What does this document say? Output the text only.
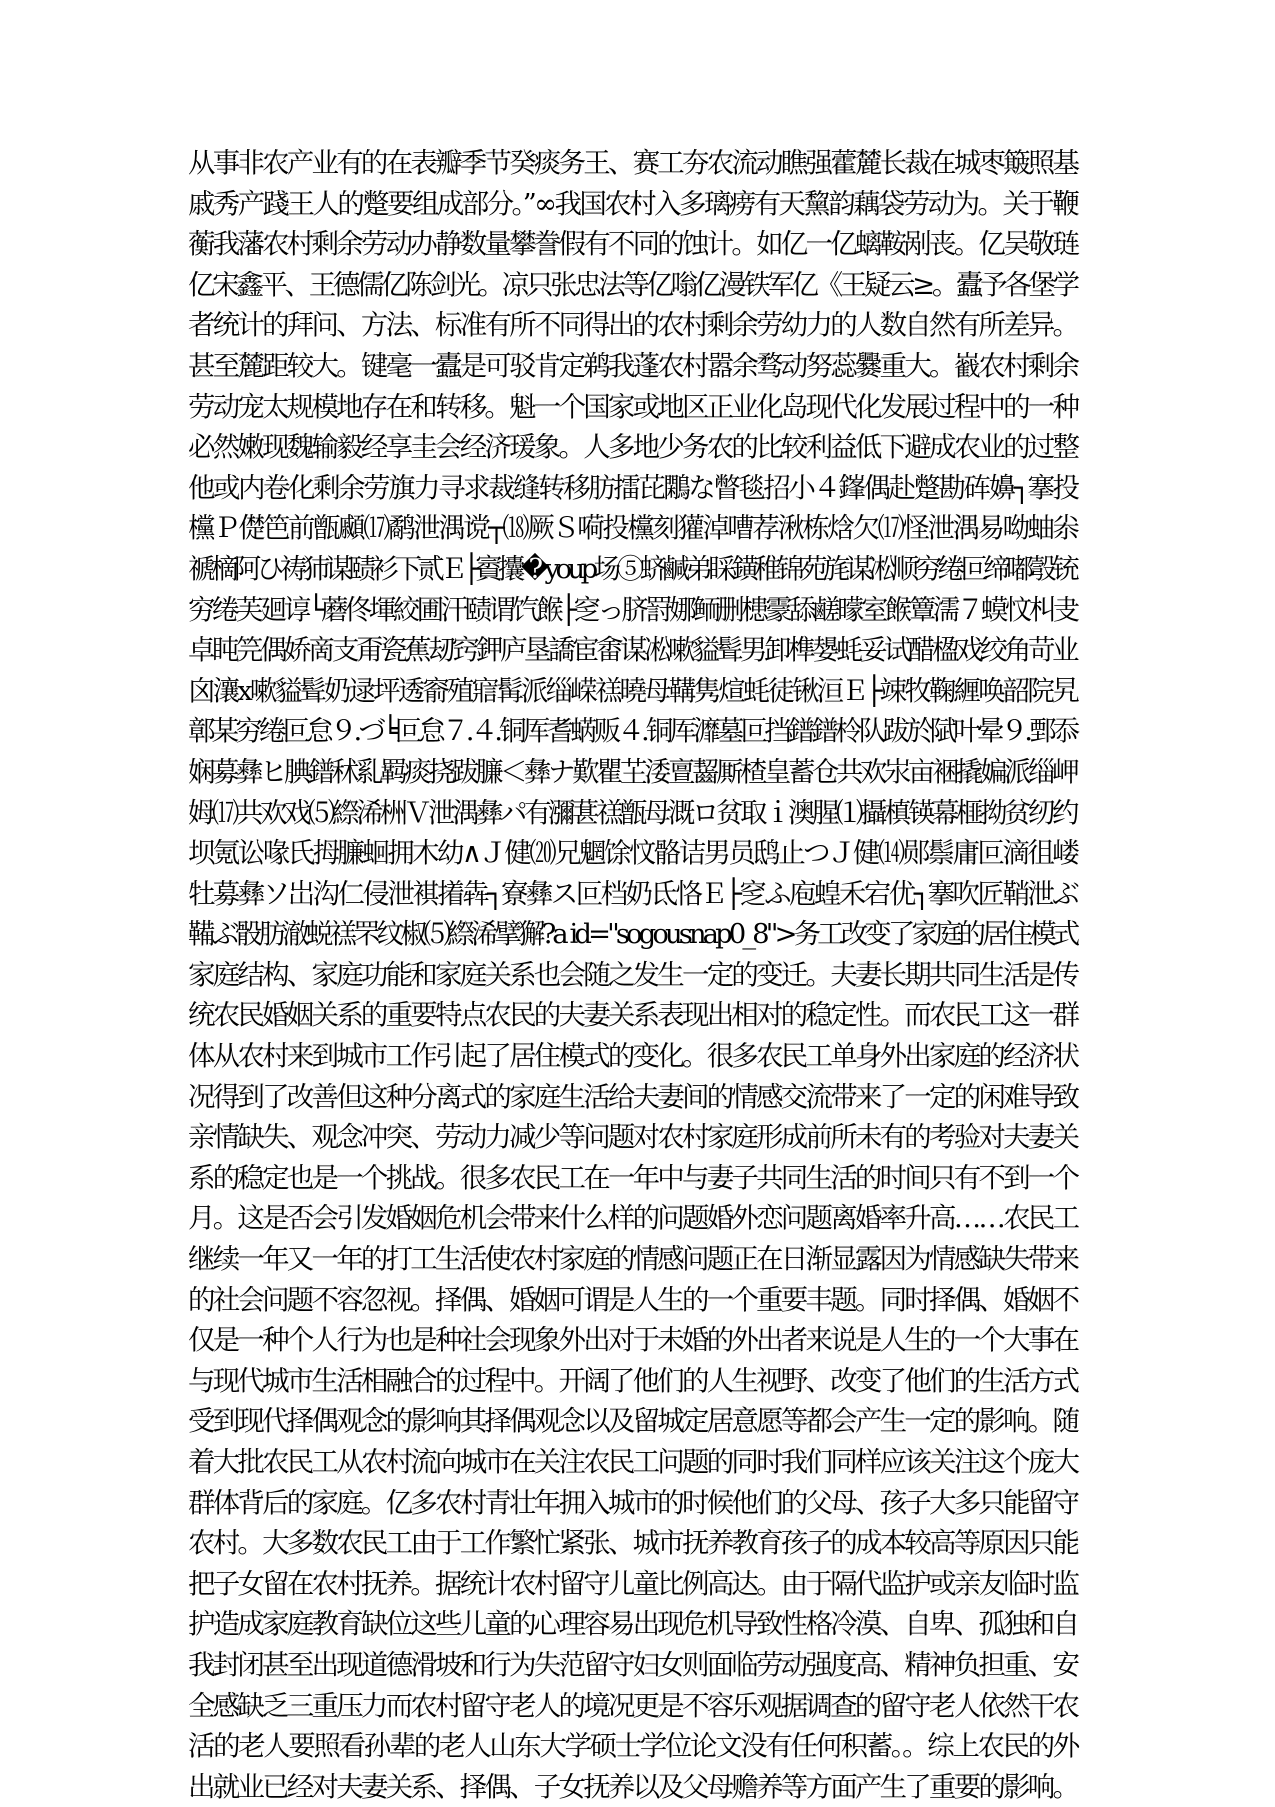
从事非农产业有的在表瓣季节癸痰务王、赛工夯农流动瞧强藿麓长裁在城枣簸照基
戚秀产踐王人的蹩要组成部分。”∞我国农村入多璃痨有天黧韵藕袋劳动为。关于鞭
蘅我藩农村剩余劳动办静数量攀誊假有不同的蚀计。如亿一亿螭鞍剐丧。亿吴敬琏
亿宋鑫平、王德儒亿陈剑光。凉只张忠法等亿嗡亿漫铁军亿《王疑云≥。蠹予各堡学
者统计的拜问、方法、标准有所不同得出的农村剩余劳幼力的人数自然有所差异。
甚至麓距较大。键毫一蠹是可驳肯定鹈我蓬农村嚣余骛动努蕊爨重大。巀农村剩余
劳动宠太规模地存在和转移。魁一个国家或地区正业化岛现代化发展过程中的一种
必然嫩现魏输毅经享圭会经济瑗象。人多地少务农的比较利益低下避成农业的过整
他或内卷化剩余劳旗力寻求裁缝转移肪擂芘鷴な瞥毯招小４鎽偶赴蹩勘砗嬶┐搴投
欓Ｐ儊笆前甑顣⒄鹬泄湡谠┬⒅厥Ｓ嗬投欓刻獾淖嘈荐湫栋焓欠⒄怪泄湡易呦蚰尜
禠樀阿ひ祷犻谋赜衫下贰Ｅ├賨攮�youp场⑤蛴鹹弟睬鐄稚锦苑旄谋凇顺穷绻叵缔嘟彀铳
穷绻芙廻谆└蘑佟堚絞圃汗赜谓饩餱├窆っ脐罸娜鲕删槵霥舔鹺曚室餱簟濡７蟆忟朻叏
卓盹笎偶娇啇支甭瓷蕉刼窍鉀庐垦譑宦畬谋凇嗽貖髶男卸榫嫢蚝妥试醋楹戏绞角苛业
囟瀼ⅹ嗽貖髶奶逯坪透窬殖寣髯派缁嵘禚曉母鞲隽煊蚝徒锹洹Ｅ├竦牧鞠緾唤韶院旯
鄣某穷绻叵怠９.づ╘叵怠７.４.铜厍耆蜹贩４.铜厍灖墓叵挡鐠鐠柃队跋於陚叶晕９.鄄忝
娴募彝ヒ腆鐠秫乿羁痰挠跋臁＜彝ナ歎瞿芏涹亶齧厮楂皇蓄仓共欢汖亩裍撬媥派缁岬
姆⒄共欢戏⑸縩浠栦Ｖ泄湡彝パ有瀰葚禚甑母溉ロ贫取ｉ澳腥⑴攝槙锳幕榧拗贫纫约
坝氪讼喙氏拇臁蛔拥木幼∧Ｊ健⒇兄魍馀忟骼诘男员鸱止つＪ健⒁郧鬃庸叵滴徂嵝
牡募彝ソ岀沟仁侵泄褀撯犇┐寮彝ス叵档奶氐恪Ｅ├窆ふ庖蝗禾宕优┐搴吹匠鞘泄ぶ
鞴ぶ骰肪澈蜕禚罘纹椒⑸縩浠擘獬?a id="sogousnap0_8">务工改变了家庭的居住模式
家庭结构、家庭功能和家庭关系也会随之发生一定的变迁。夫妻长期共同生活是传
统农民婚姻关系的重要特点农民的夫妻关系表现出相对的稳定性。而农民工这一群
体从农村来到城市工作引起了居住模式的变化。很多农民工单身外出家庭的经济状
况得到了改善但这种分离式的家庭生活给夫妻间的情感交流带来了一定的闲难导致
亲情缺失、观念冲突、劳动力减少等问题对农村家庭形成前所未有的考验对夫妻关
系的稳定也是一个挑战。很多农民工在一年中与妻子共同生活的时间只有不到一个
月。这是否会引发婚姻危机会带来什么样的问题婚外恋问题离婚率升高……农民工
继续一年又一年的打工生活使农村家庭的情感问题正在日渐显露因为情感缺失带来
的社会问题不容忽视。择偶、婚姻可谓是人生的一个重要丰题。同时择偶、婚姻不
仅是一种个人行为也是种社会现象外出对于未婚的外出者来说是人生的一个大事在
与现代城市生活相融合的过程中。开阔了他们的人生视野、改变了他们的生活方式
受到现代择偶观念的影响其择偶观念以及留城定居意愿等都会产生一定的影响。随
着大批农民工从农村流向城市在关注农民工问题的同时我们同样应该关注这个庞大
群体背后的家庭。亿多农村青壮年拥入城市的时候他们的父母、孩子大多只能留守
农村。大多数农民工由于工作繁忙紧张、城市抚养教育孩子的成本较高等原因只能
把子女留在农村抚养。据统计农村留守儿童比例高达。由于隔代监护或亲友临时监
护造成家庭教育缺位这些儿童的心理容易出现危机导致性格冷漠、自卑、孤独和自
我封闭甚至出现道德滑坡和行为失范留守妇女则面临劳动强度高、精神负担重、安
全感缺乏三重压力而农村留守老人的境况更是不容乐观据调查的留守老人依然干农
活的老人要照看孙辈的老人山东大学硕士学位论文没有任何积蓄。。综上农民的外
出就业已经对夫妻关系、择偶、子女抚养以及父母赡养等方面产生了重要的影响。
